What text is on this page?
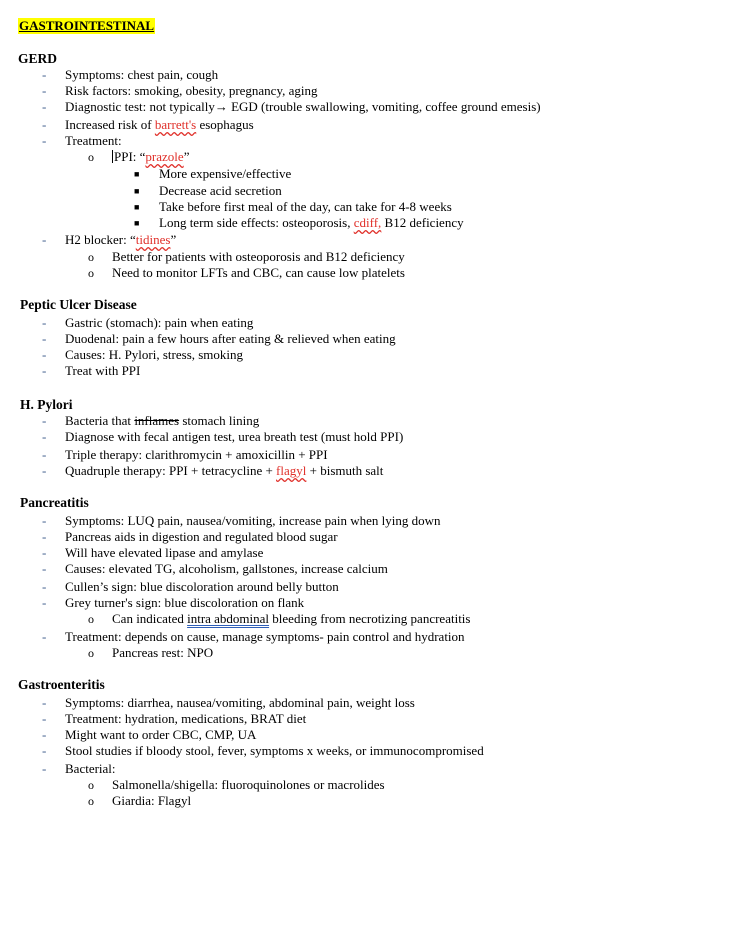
GASTROINTESTINAL
GERD
- Symptoms: chest pain, cough
- Risk factors: smoking, obesity, pregnancy, aging
- Diagnostic test: not typically→ EGD (trouble swallowing, vomiting, coffee ground emesis)
- Increased risk of barrett's esophagus
- Treatment:
o PPI: “prazole”
■ More expensive/effective
■ Decrease acid secretion
■ Take before first meal of the day, can take for 4-8 weeks
■ Long term side effects: osteoporosis, cdiff, B12 deficiency
- H2 blocker: “tidines”
o Better for patients with osteoporosis and B12 deficiency
o Need to monitor LFTs and CBC, can cause low platelets
Peptic Ulcer Disease
- Gastric (stomach): pain when eating
- Duodenal: pain a few hours after eating & relieved when eating
- Causes: H. Pylori, stress, smoking
- Treat with PPI
H. Pylori
- Bacteria that inflames stomach lining
- Diagnose with fecal antigen test, urea breath test (must hold PPI)
- Triple therapy: clarithromycin + amoxicillin + PPI
- Quadruple therapy: PPI + tetracycline + flagyl + bismuth salt
Pancreatitis
- Symptoms: LUQ pain, nausea/vomiting, increase pain when lying down
- Pancreas aids in digestion and regulated blood sugar
- Will have elevated lipase and amylase
- Causes: elevated TG, alcoholism, gallstones, increase calcium
- Cullen’s sign: blue discoloration around belly button
- Grey turner's sign: blue discoloration on flank
o Can indicated intra abdominal bleeding from necrotizing pancreatitis
- Treatment: depends on cause, manage symptoms- pain control and hydration
o Pancreas rest: NPO
Gastroenteritis
- Symptoms: diarrhea, nausea/vomiting, abdominal pain, weight loss
- Treatment: hydration, medications, BRAT diet
- Might want to order CBC, CMP, UA
- Stool studies if bloody stool, fever, symptoms x weeks, or immunocompromised
- Bacterial:
o Salmonella/shigella: fluoroquinolones or macrolides
o Giardia: Flagyl
